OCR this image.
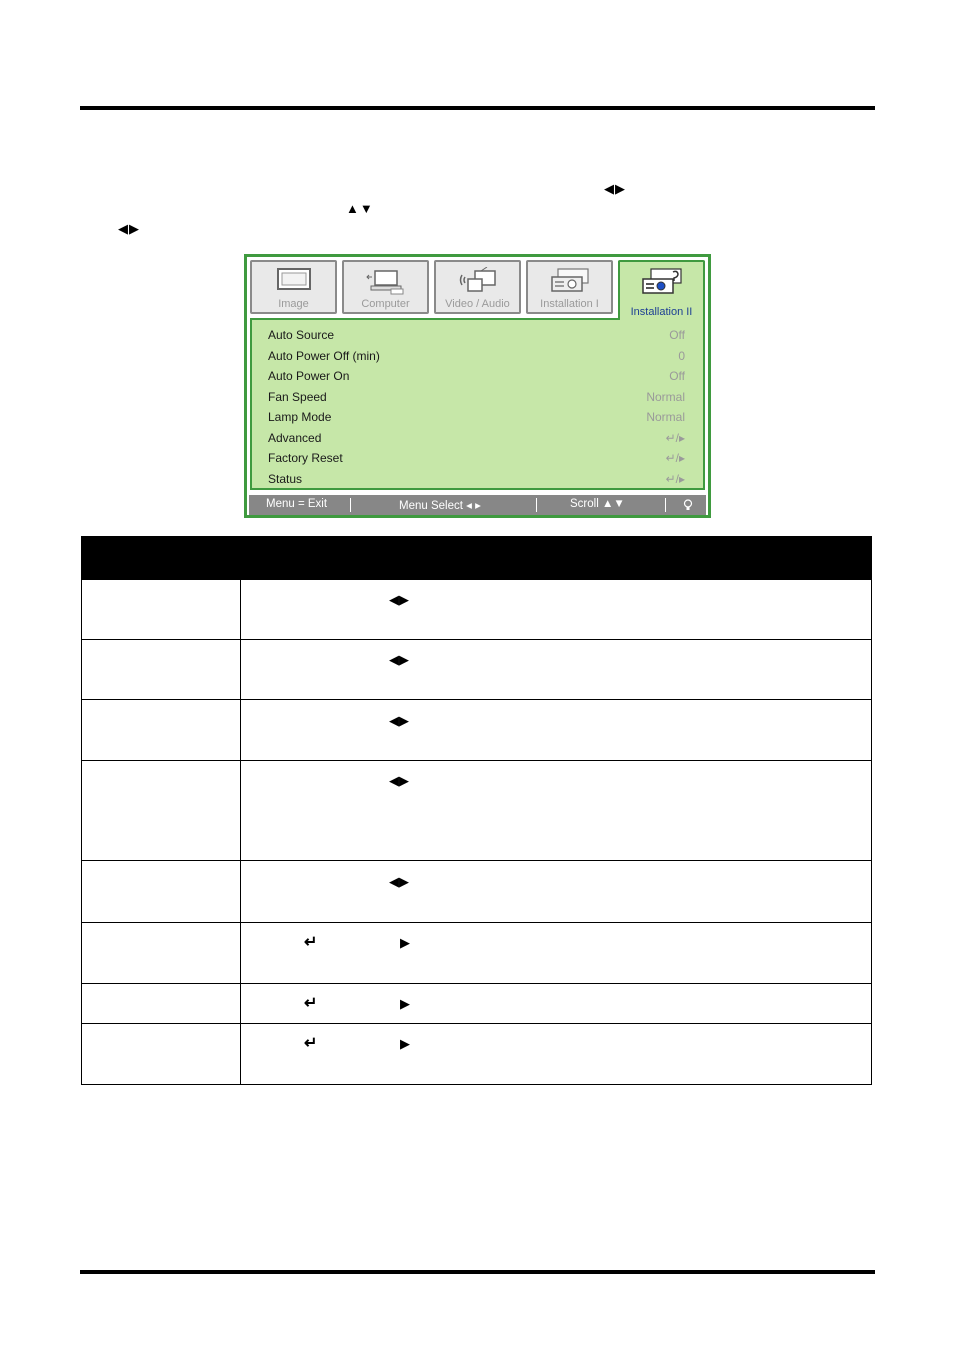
◀▶
▲▼
◀▶
Image	Computer	Video / Audio	Installation I
Installation II
Auto Source	Off
Auto Power Off (min)	0
Auto Power On	Off
Fan Speed	Normal
Lamp Mode	Normal
Advanced	↵/▸
Factory Reset	↵/▸
Status	↵/▸
Menu = Exit	Menu Select ◂ ▸	Scroll ▲▼
◀▶
◀▶
◀▶
◀▶
◀▶
↵	▶
↵	▶
↵	▶
